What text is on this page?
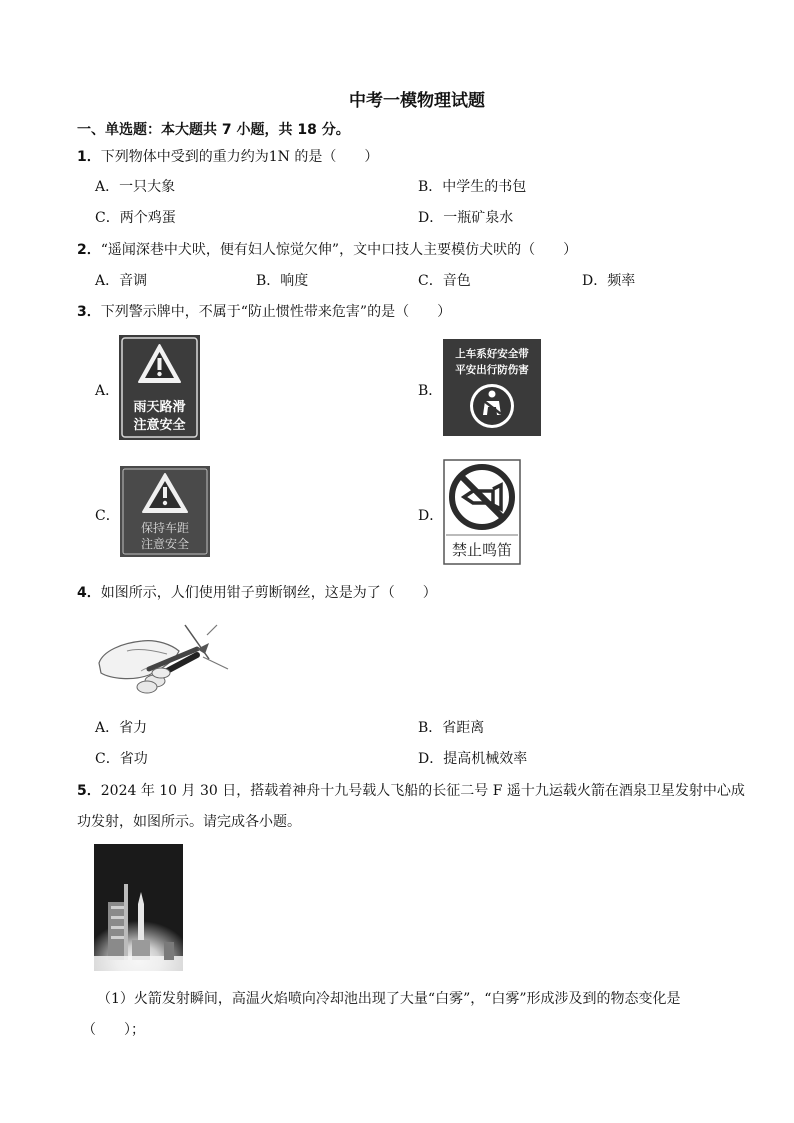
中考一模物理试题
一、单选题：本大题共 7 小题，共 18 分。
1．下列物体中受到的重力约为1N 的是（　　）
A．一只大象	B．中学生的书包
C．两个鸡蛋	D．一瓶矿泉水
2．“遥闻深巷中犬吠，便有妇人惊觉欠伸”，文中口技人主要模仿犬吠的（　　）
A．音调	B．响度	C．音色	D．频率
3．下列警示牌中，不属于“防止惯性带来危害”的是（　　）
A．
雨天路滑
注意安全
B．
上车系好安全带
平安出行防伤害
C．
保持车距
注意安全
D．
禁止鸣笛
4．如图所示，人们使用钳子剪断钢丝，这是为了（　　）
A．省力	B．省距离
C．省功	D．提高机械效率
5．2024 年 10 月 30 日，搭载着神舟十九号载人飞船的长征二号 F 遥十九运载火箭在酒泉卫星发射中心成
功发射，如图所示。请完成各小题。
（1）火箭发射瞬间，高温火焰喷向冷却池出现了大量“白雾”，“白雾”形成涉及到的物态变化是
（　　）；
